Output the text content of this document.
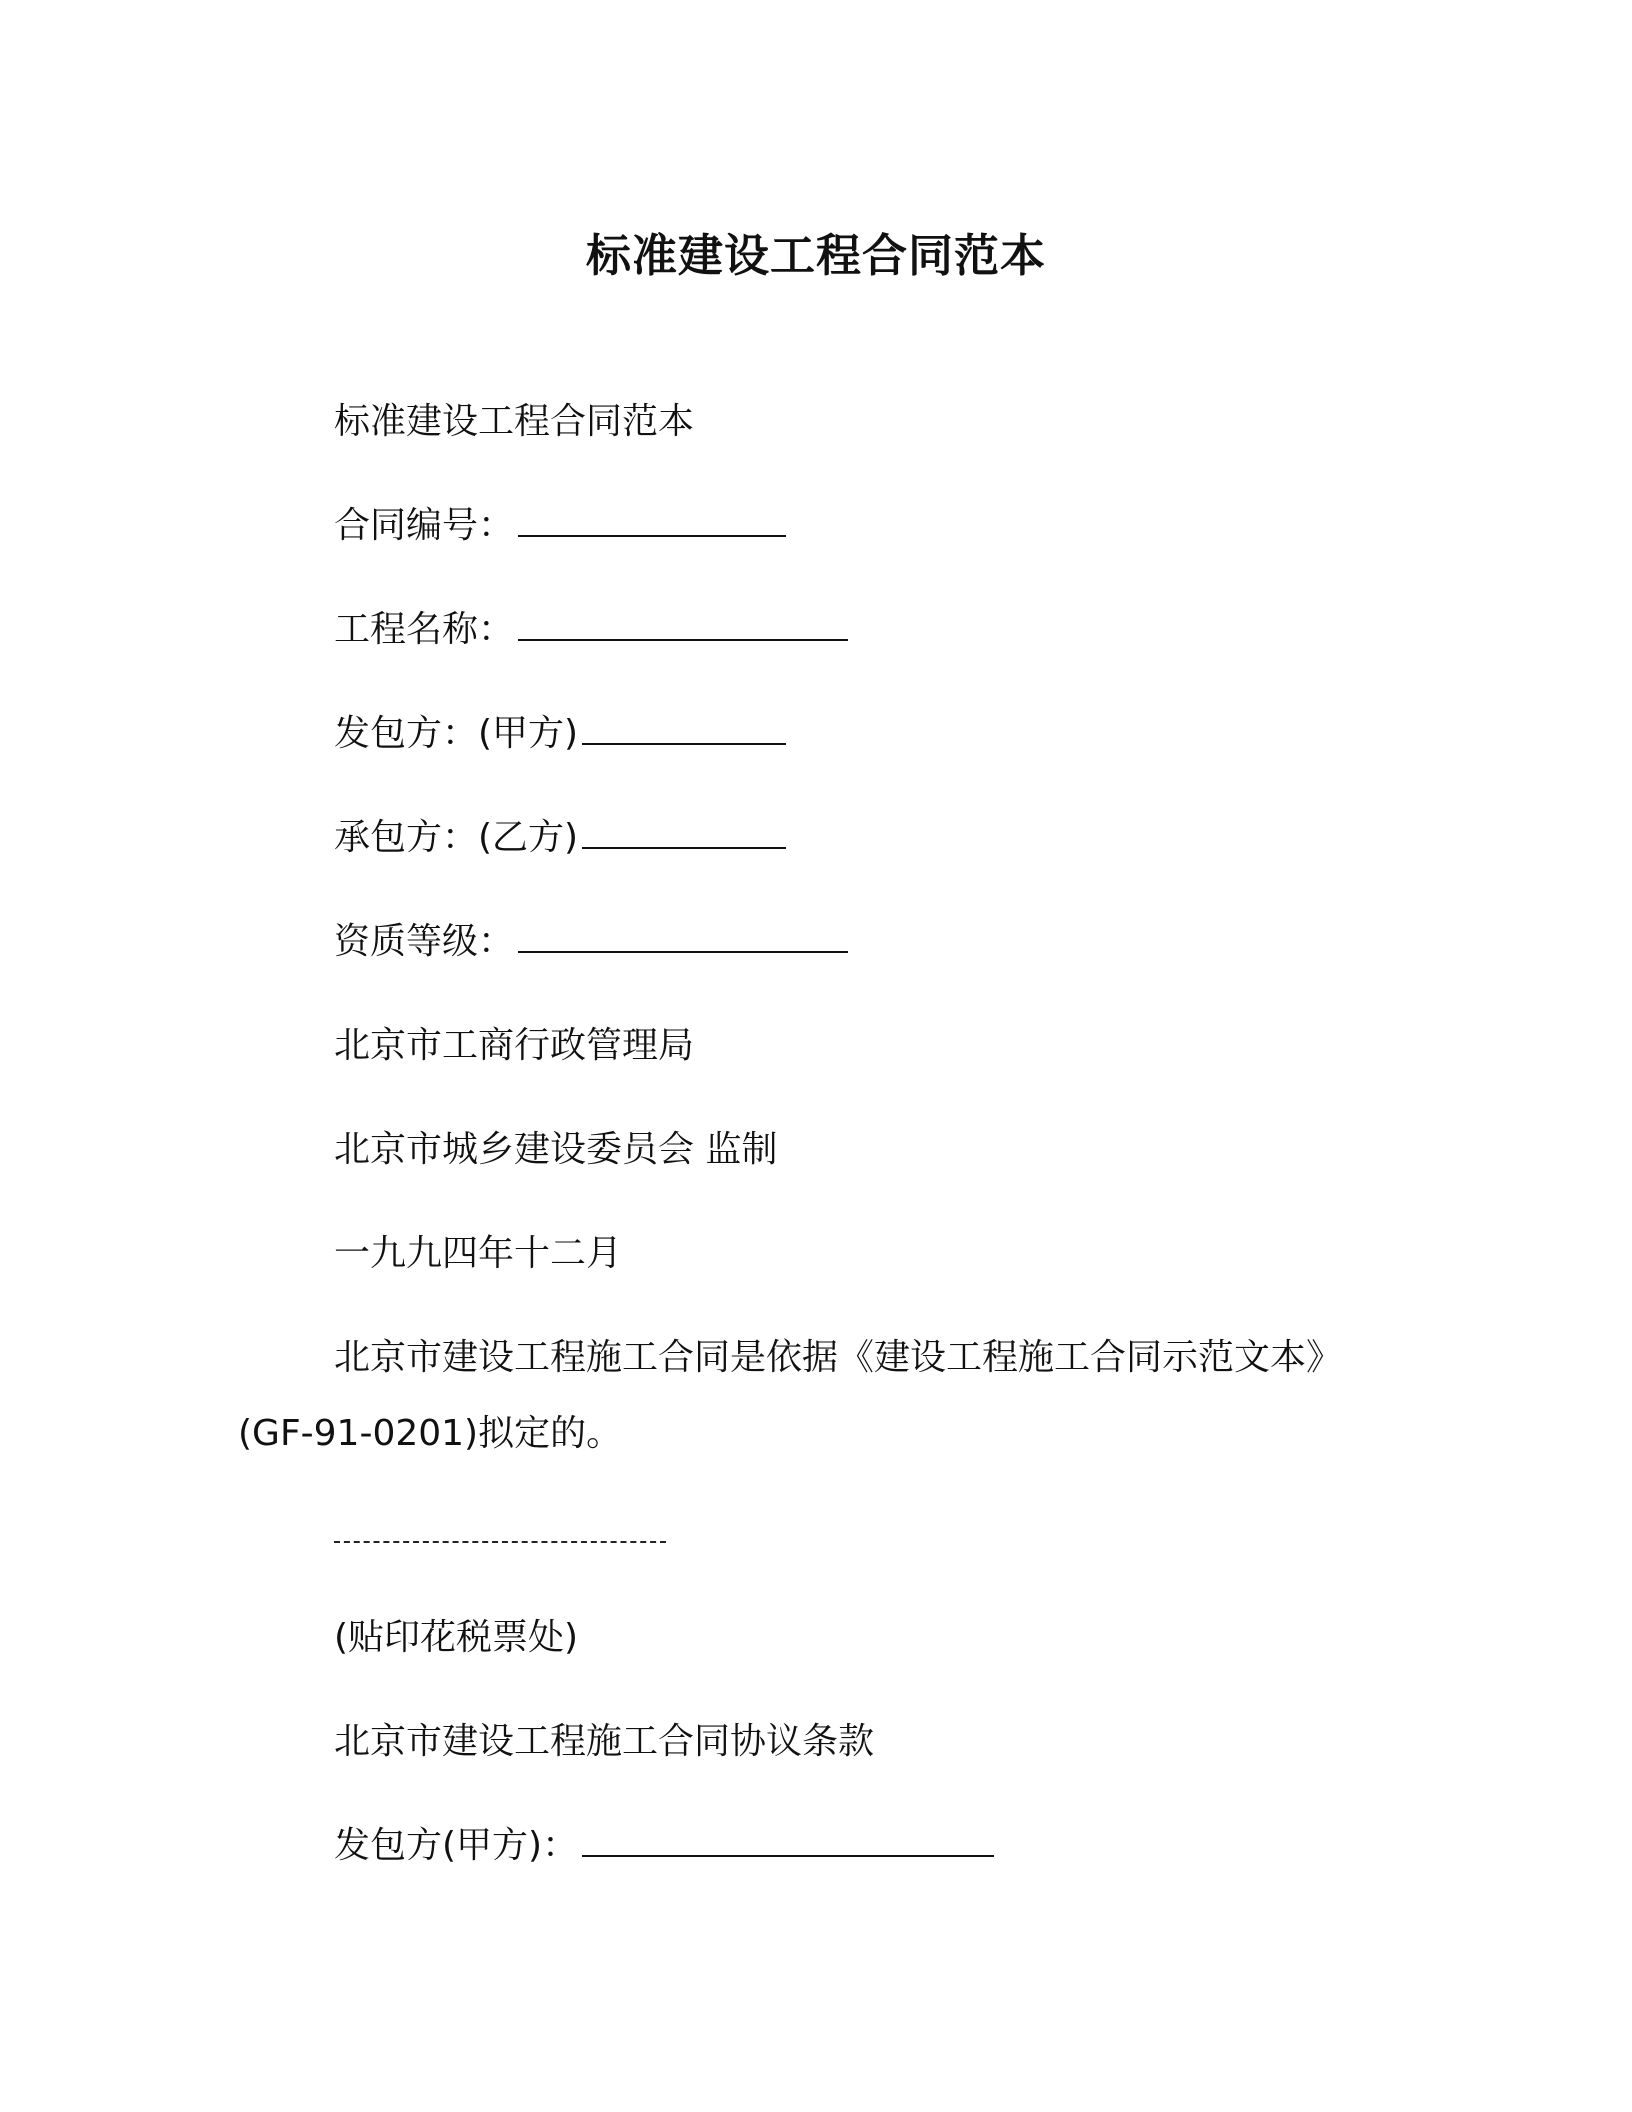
标准建设工程合同范本

标准建设工程合同范本

合同编号：

工程名称：

发包方：(甲方)

承包方：(乙方)

资质等级：

北京市工商行政管理局

北京市城乡建设委员会 监制

一九九四年十二月

北京市建设工程施工合同是依据《建设工程施工合同示范文本》

(GF-91-0201)拟定的。

(贴印花税票处)

北京市建设工程施工合同协议条款

发包方(甲方)：
